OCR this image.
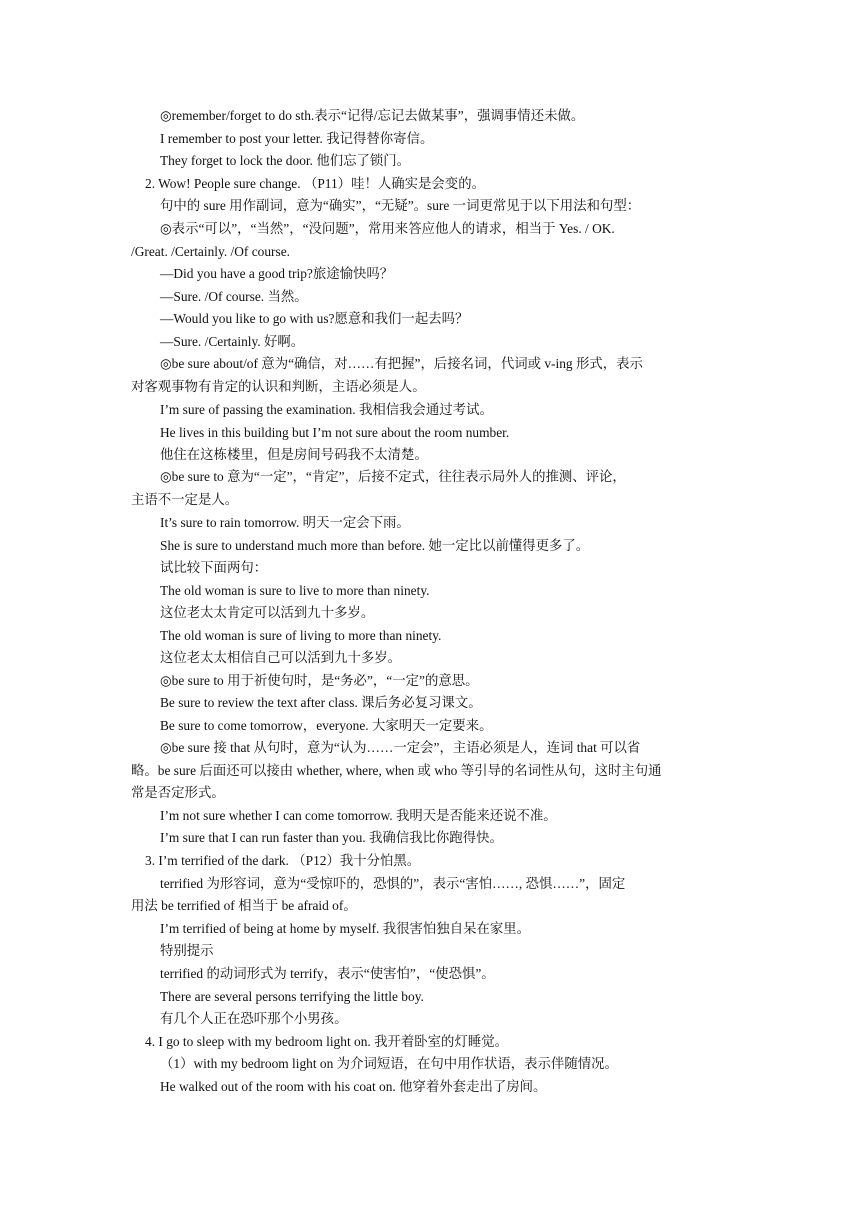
◎remember/forget to do sth.表示“记得/忘记去做某事”，强调事情还未做。
I remember to post your letter. 我记得替你寄信。
They forget to lock the door. 他们忘了锁门。
2. Wow! People sure change. （P11）哇！人确实是会变的。
句中的 sure 用作副词，意为“确实”，“无疑”。sure 一词更常见于以下用法和句型：
◎表示“可以”，“当然”，“没问题”，常用来答应他人的请求，相当于 Yes. / OK.
/Great. /Certainly. /Of course.
—Did you have a good trip?旅途愉快吗？
—Sure. /Of course. 当然。
—Would you like to go with us?愿意和我们一起去吗？
—Sure. /Certainly. 好啊。
◎be sure about/of 意为“确信，对……有把握”，后接名词，代词或 v-ing 形式，表示
对客观事物有肯定的认识和判断，主语必须是人。
I’m sure of passing the examination. 我相信我会通过考试。
He lives in this building but I’m not sure about the room number.
他住在这栋楼里，但是房间号码我不太清楚。
◎be sure to 意为“一定”，“肯定”，后接不定式，往往表示局外人的推测、评论，
主语不一定是人。
It’s sure to rain tomorrow. 明天一定会下雨。
She is sure to understand much more than before. 她一定比以前懂得更多了。
试比较下面两句：
The old woman is sure to live to more than ninety.
这位老太太肯定可以活到九十多岁。
The old woman is sure of living to more than ninety.
这位老太太相信自己可以活到九十多岁。
◎be sure to 用于祈使句时，是“务必”，“一定”的意思。
Be sure to review the text after class. 课后务必复习课文。
Be sure to come tomorrow，everyone. 大家明天一定要来。
◎be sure 接 that 从句时，意为“认为……一定会”，主语必须是人，连词 that 可以省
略。be sure 后面还可以接由 whether, where, when 或 who 等引导的名词性从句，这时主句通
常是否定形式。
I’m not sure whether I can come tomorrow. 我明天是否能来还说不准。
I’m sure that I can run faster than you. 我确信我比你跑得快。
3. I’m terrified of the dark. （P12）我十分怕黑。
terrified 为形容词，意为“受惊吓的，恐惧的”，表示“害怕……, 恐惧……”，固定
用法 be terrified of 相当于 be afraid of。
I’m terrified of being at home by myself. 我很害怕独自呆在家里。
特别提示
terrified 的动词形式为 terrify，表示“使害怕”，“使恐惧”。
There are several persons terrifying the little boy.
有几个人正在恐吓那个小男孩。
4. I go to sleep with my bedroom light on. 我开着卧室的灯睡觉。
（1）with my bedroom light on 为介词短语，在句中用作状语，表示伴随情况。
He walked out of the room with his coat on. 他穿着外套走出了房间。
